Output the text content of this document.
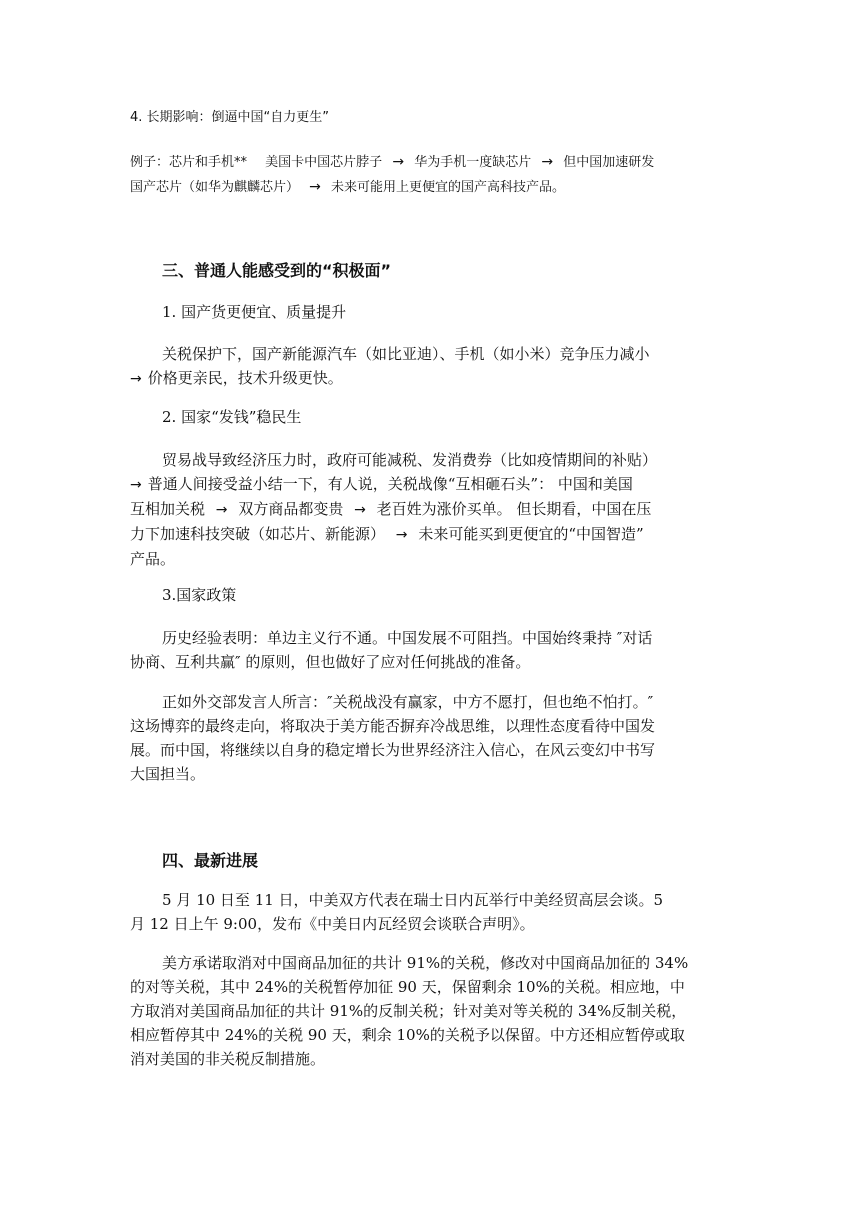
4. 长期影响：倒逼中国“自力更生”
例子：芯片和手机** 美国卡中国芯片脖子 → 华为手机一度缺芯片 → 但中国加速研发
国产芯片（如华为麒麟芯片） → 未来可能用上更便宜的国产高科技产品。
三、普通人能感受到的“积极面”
1. 国产货更便宜、质量提升
关税保护下，国产新能源汽车（如比亚迪）、手机（如小米）竞争压力减小
→ 价格更亲民，技术升级更快。
2. 国家“发钱”稳民生
贸易战导致经济压力时，政府可能减税、发消费券（比如疫情期间的补贴）
→ 普通人间接受益小结一下，有人说，关税战像“互相砸石头”： 中国和美国
互相加关税 → 双方商品都变贵 → 老百姓为涨价买单。 但长期看，中国在压
力下加速科技突破（如芯片、新能源） → 未来可能买到更便宜的“中国智造”
产品。
3.国家政策
历史经验表明：单边主义行不通。中国发展不可阻挡。中国始终秉持 ″对话
协商、互利共赢″ 的原则，但也做好了应对任何挑战的准备。
正如外交部发言人所言：″关税战没有赢家，中方不愿打，但也绝不怕打。″
这场博弈的最终走向，将取决于美方能否摒弃冷战思维，以理性态度看待中国发
展。而中国，将继续以自身的稳定增长为世界经济注入信心，在风云变幻中书写
大国担当。
四、最新进展
5 月 10 日至 11 日，中美双方代表在瑞士日内瓦举行中美经贸高层会谈。5
月 12 日上午 9:00，发布《中美日内瓦经贸会谈联合声明》。
美方承诺取消对中国商品加征的共计 91%的关税，修改对中国商品加征的 34%
的对等关税，其中 24%的关税暂停加征 90 天，保留剩余 10%的关税。相应地，中
方取消对美国商品加征的共计 91%的反制关税；针对美对等关税的 34%反制关税，
相应暂停其中 24%的关税 90 天，剩余 10%的关税予以保留。中方还相应暂停或取
消对美国的非关税反制措施。
